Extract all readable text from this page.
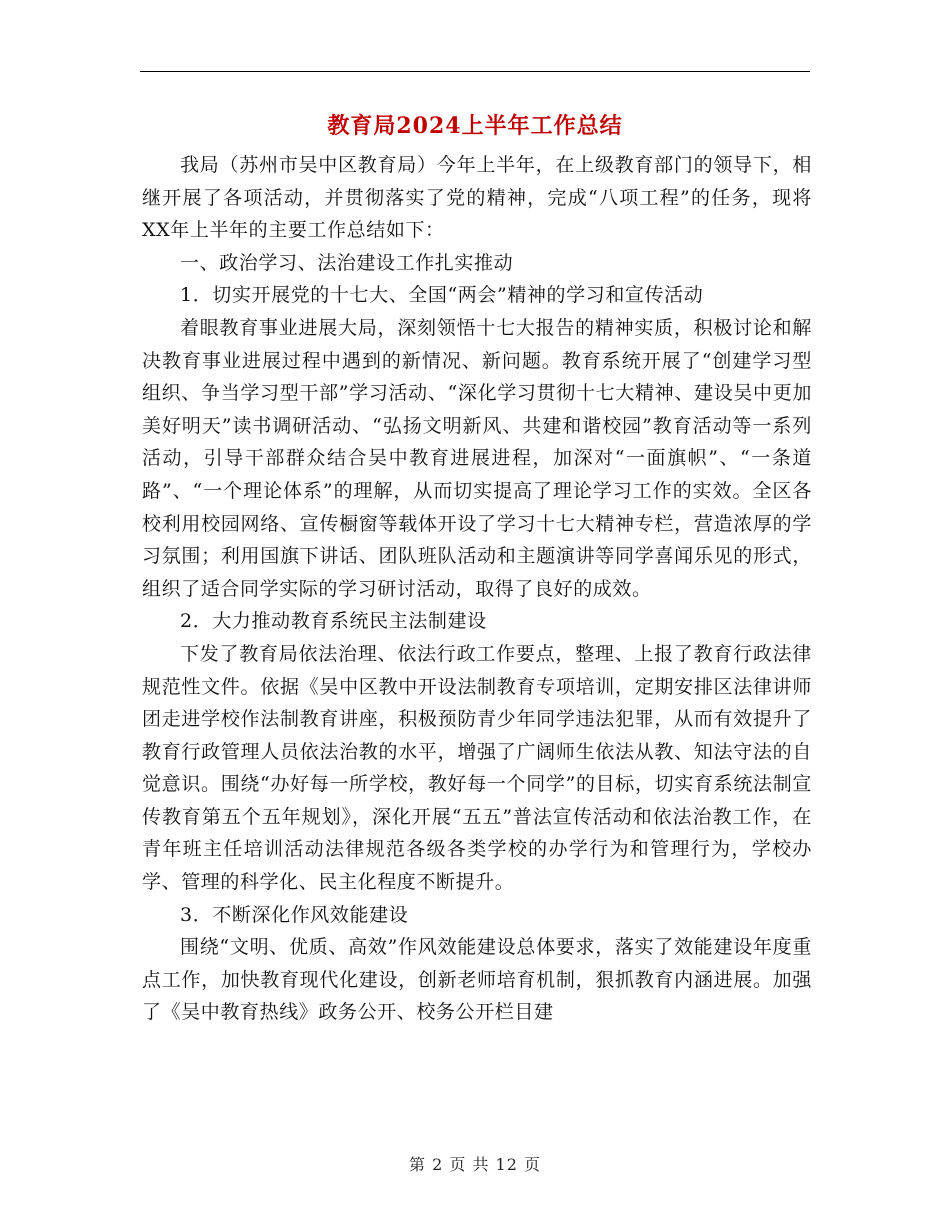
教育局2024上半年工作总结

我局（苏州市吴中区教育局）今年上半年，在上级教育部门的领导下，相继开展了各项活动，并贯彻落实了党的精神，完成“八项工程”的任务，现将XX年上半年的主要工作总结如下：

一、政治学习、法治建设工作扎实推动

1．切实开展党的十七大、全国“两会”精神的学习和宣传活动

着眼教育事业进展大局，深刻领悟十七大报告的精神实质，积极讨论和解决教育事业进展过程中遇到的新情况、新问题。教育系统开展了“创建学习型组织、争当学习型干部”学习活动、“深化学习贯彻十七大精神、建设吴中更加美好明天”读书调研活动、“弘扬文明新风、共建和谐校园”教育活动等一系列活动，引导干部群众结合吴中教育进展进程，加深对“一面旗帜”、“一条道路”、“一个理论体系”的理解，从而切实提高了理论学习工作的实效。全区各校利用校园网络、宣传橱窗等载体开设了学习十七大精神专栏，营造浓厚的学习氛围；利用国旗下讲话、团队班队活动和主题演讲等同学喜闻乐见的形式，组织了适合同学实际的学习研讨活动，取得了良好的成效。

2．大力推动教育系统民主法制建设

下发了教育局依法治理、依法行政工作要点，整理、上报了教育行政法律规范性文件。依据《吴中区教中开设法制教育专项培训，定期安排区法律讲师团走进学校作法制教育讲座，积极预防青少年同学违法犯罪，从而有效提升了教育行政管理人员依法治教的水平，增强了广阔师生依法从教、知法守法的自觉意识。围绕“办好每一所学校，教好每一个同学”的目标，切实育系统法制宣传教育第五个五年规划》，深化开展“五五”普法宣传活动和依法治教工作，在青年班主任培训活动法律规范各级各类学校的办学行为和管理行为，学校办学、管理的科学化、民主化程度不断提升。

3．不断深化作风效能建设

围绕“文明、优质、高效”作风效能建设总体要求，落实了效能建设年度重点工作，加快教育现代化建设，创新老师培育机制，狠抓教育内涵进展。加强了《吴中教育热线》政务公开、校务公开栏目建

第 2 页 共 12 页
